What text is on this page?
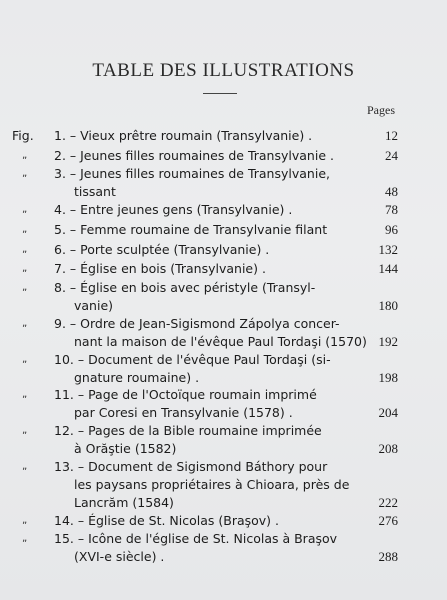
TABLE DES ILLUSTRATIONS
Pages
Fig. 1. – Vieux prêtre roumain (Transylvanie) .	12
„ 2. – Jeunes filles roumaines de Transylvanie .	24
„ 3. – Jeunes filles roumaines de Transylvanie,
tissant	48
„ 4. – Entre jeunes gens (Transylvanie) .	78
„ 5. – Femme roumaine de Transylvanie filant	96
„ 6. – Porte sculptée (Transylvanie) .	132
„ 7. – Église en bois (Transylvanie) .	144
„ 8. – Église en bois avec péristyle (Transyl-
vanie)	180
„ 9. – Ordre de Jean-Sigismond Zápolya concer-
nant la maison de l'évêque Paul Tordaşi (1570) 192
„ 10. – Document de l'évêque Paul Tordaşi (si-
gnature roumaine) .	198
„ 11. – Page de l'Octoïque roumain imprimé
par Coresi en Transylvanie (1578) .	204
„ 12. – Pages de la Bible roumaine imprimée
à Orăştie (1582)	208
„ 13. – Document de Sigismond Báthory pour
les paysans propriétaires à Chioara, près de
Lancrăm (1584)	222
„ 14. – Église de St. Nicolas (Braşov) .	276
„ 15. – Icône de l'église de St. Nicolas à Braşov
(XVI-e siècle) .	288
